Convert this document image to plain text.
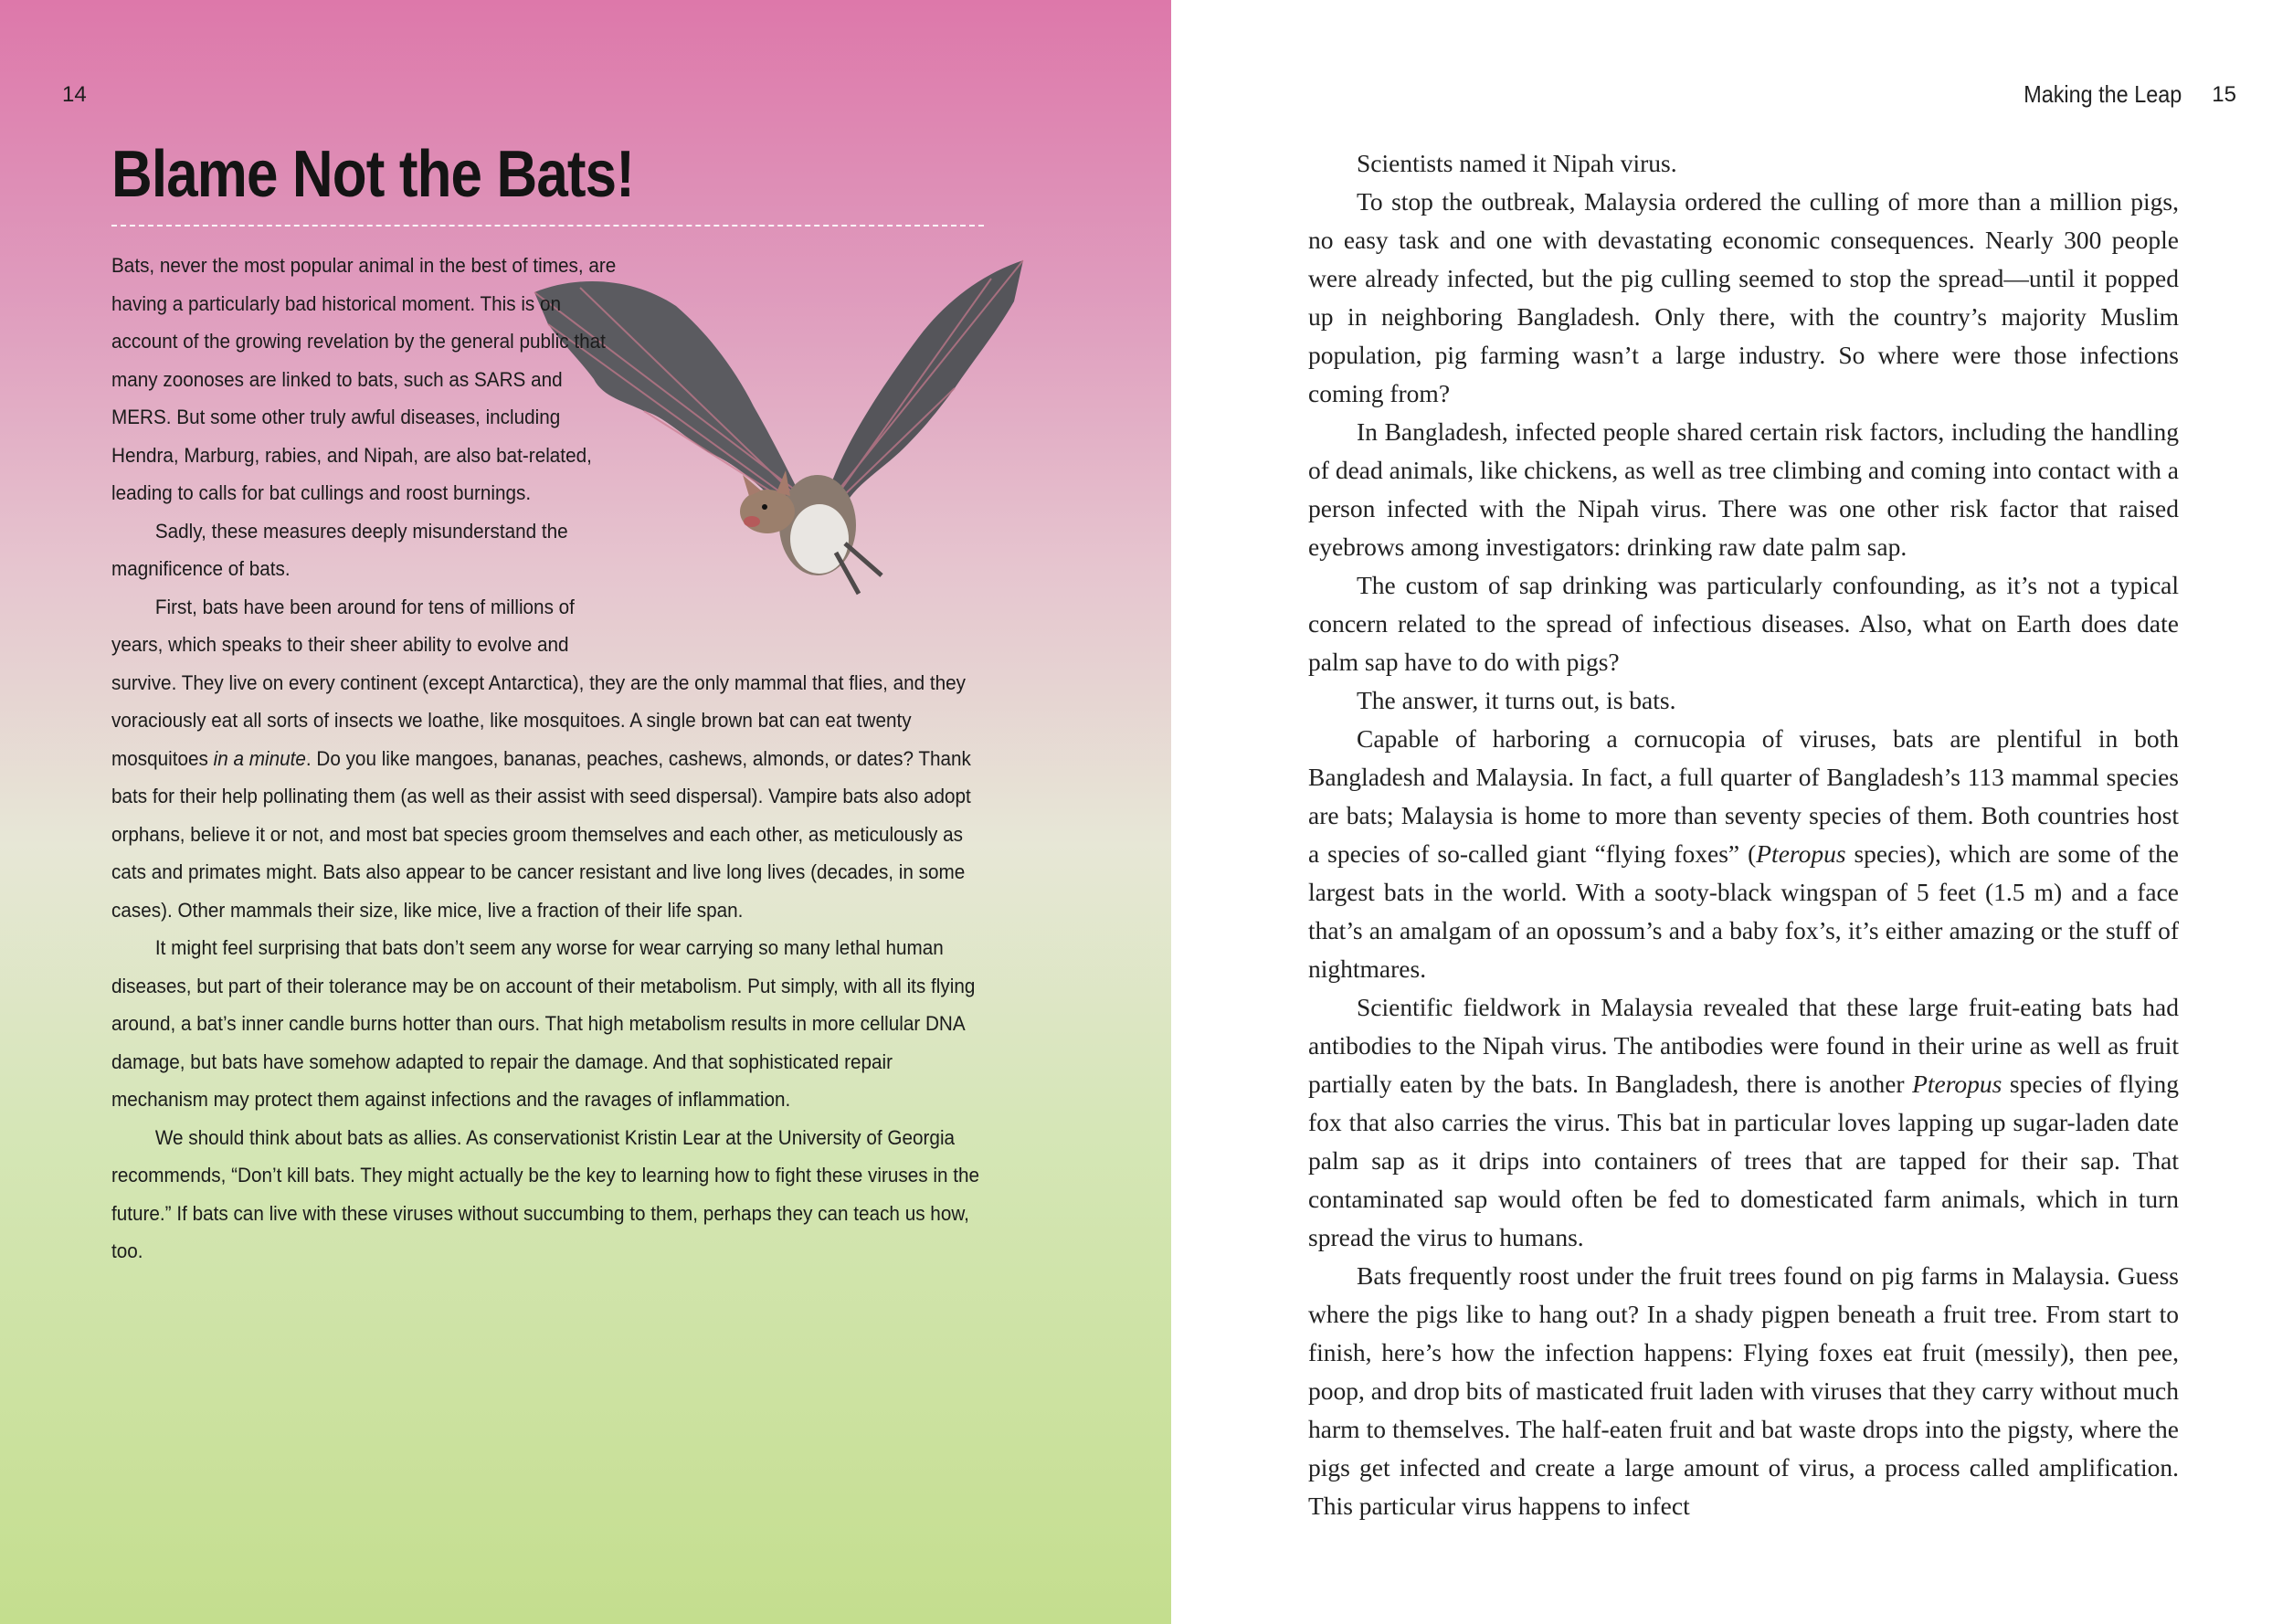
14
Blame Not the Bats!

Bats, never the most popular animal in the best of times, are having a particularly bad historical moment. This is on account of the growing revelation by the general public that many zoonoses are linked to bats, such as SARS and MERS. But some other truly awful diseases, including Hendra, Marburg, rabies, and Nipah, are also bat-related, leading to calls for bat cullings and roost burnings.

Sadly, these measures deeply misunderstand the magnificence of bats.

First, bats have been around for tens of millions of years, which speaks to their sheer ability to evolve and survive. They live on every continent (except Antarctica), they are the only mammal that flies, and they voraciously eat all sorts of insects we loathe, like mosquitoes. A single brown bat can eat twenty mosquitoes in a minute. Do you like mangoes, bananas, peaches, cashews, almonds, or dates? Thank bats for their help pollinating them (as well as their assist with seed dispersal). Vampire bats also adopt orphans, believe it or not, and most bat species groom themselves and each other, as meticulously as cats and primates might. Bats also appear to be cancer resistant and live long lives (decades, in some cases). Other mammals their size, like mice, live a fraction of their life span.

It might feel surprising that bats don’t seem any worse for wear carrying so many lethal human diseases, but part of their tolerance may be on account of their metabolism. Put simply, with all its flying around, a bat’s inner candle burns hotter than ours. That high metabolism results in more cellular DNA damage, but bats have somehow adapted to repair the damage. And that sophisticated repair mechanism may protect them against infections and the ravages of inflammation.

We should think about bats as allies. As conservationist Kristin Lear at the University of Georgia recommends, “Don’t kill bats. They might actually be the key to learning how to fight these viruses in the future.” If bats can live with these viruses without succumbing to them, perhaps they can teach us how, too.

Making the Leap 15

Scientists named it Nipah virus.

To stop the outbreak, Malaysia ordered the culling of more than a million pigs, no easy task and one with devastating economic consequences. Nearly 300 people were already infected, but the pig culling seemed to stop the spread—until it popped up in neighboring Bangladesh. Only there, with the country’s majority Muslim population, pig farming wasn’t a large industry. So where were those infections coming from?

In Bangladesh, infected people shared certain risk factors, including the handling of dead animals, like chickens, as well as tree climbing and coming into contact with a person infected with the Nipah virus. There was one other risk factor that raised eyebrows among investigators: drinking raw date palm sap.

The custom of sap drinking was particularly confounding, as it’s not a typical concern related to the spread of infectious diseases. Also, what on Earth does date palm sap have to do with pigs?

The answer, it turns out, is bats.

Capable of harboring a cornucopia of viruses, bats are plentiful in both Bangladesh and Malaysia. In fact, a full quarter of Bangladesh’s 113 mammal species are bats; Malaysia is home to more than seventy species of them. Both countries host a species of so-called giant “flying foxes” (Pteropus species), which are some of the largest bats in the world. With a sooty-black wingspan of 5 feet (1.5 m) and a face that’s an amalgam of an opossum’s and a baby fox’s, it’s either amazing or the stuff of nightmares.

Scientific fieldwork in Malaysia revealed that these large fruit-eating bats had antibodies to the Nipah virus. The antibodies were found in their urine as well as fruit partially eaten by the bats. In Bangladesh, there is another Pteropus species of flying fox that also carries the virus. This bat in particular loves lapping up sugar-laden date palm sap as it drips into containers of trees that are tapped for their sap. That contaminated sap would often be fed to domesticated farm animals, which in turn spread the virus to humans.

Bats frequently roost under the fruit trees found on pig farms in Malaysia. Guess where the pigs like to hang out? In a shady pigpen beneath a fruit tree. From start to finish, here’s how the infection happens: Flying foxes eat fruit (messily), then pee, poop, and drop bits of masticated fruit laden with viruses that they carry without much harm to themselves. The half-eaten fruit and bat waste drops into the pigsty, where the pigs get infected and create a large amount of virus, a process called amplification. This particular virus happens to infect
